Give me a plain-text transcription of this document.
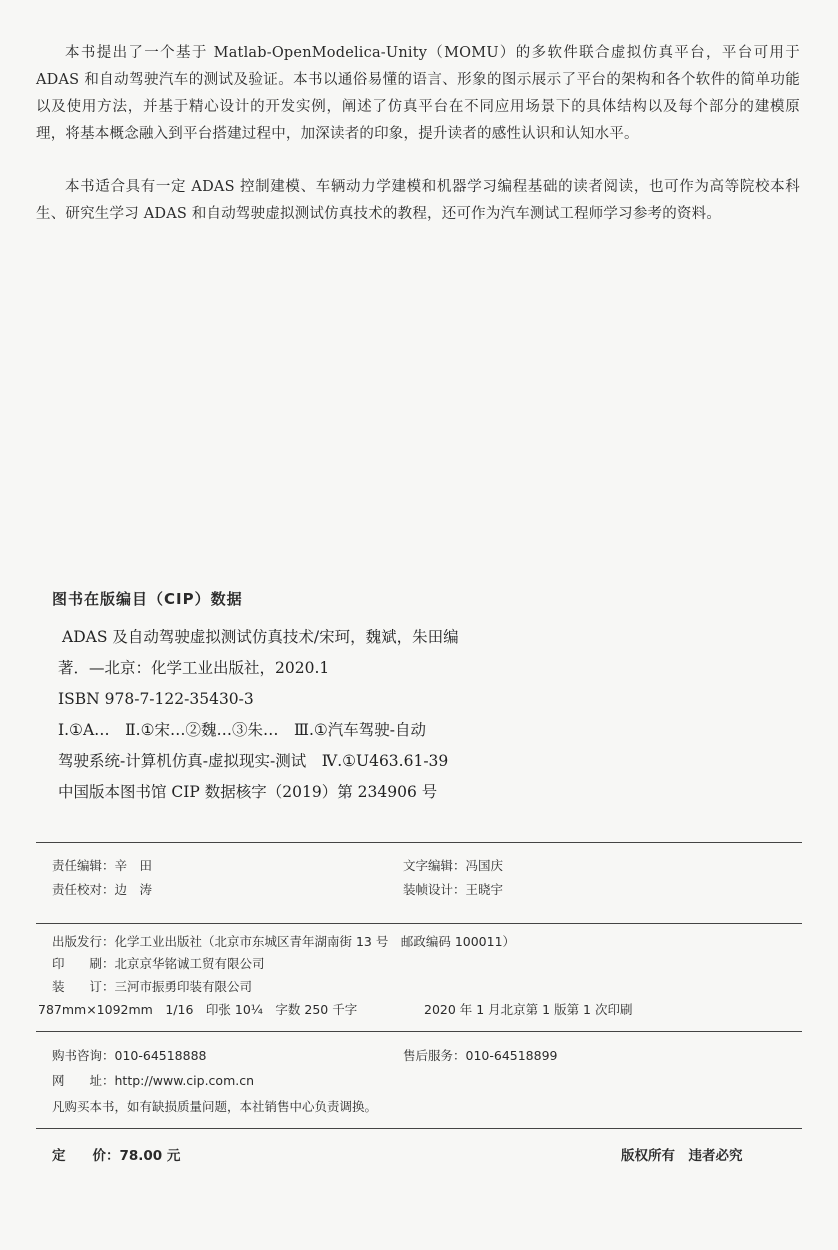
本书提出了一个基于 Matlab-OpenModelica-Unity（MOMU）的多软件联合虚拟仿真平台，平台可用于 ADAS 和自动驾驶汽车的测试及验证。本书以通俗易懂的语言、形象的图示展示了平台的架构和各个软件的简单功能以及使用方法，并基于精心设计的开发实例，阐述了仿真平台在不同应用场景下的具体结构以及每个部分的建模原理，将基本概念融入到平台搭建过程中，加深读者的印象，提升读者的感性认识和认知水平。
本书适合具有一定 ADAS 控制建模、车辆动力学建模和机器学习编程基础的读者阅读，也可作为高等院校本科生、研究生学习 ADAS 和自动驾驶虚拟测试仿真技术的教程，还可作为汽车测试工程师学习参考的资料。
图书在版编目（CIP）数据
ADAS 及自动驾驶虚拟测试仿真技术/宋珂，魏斌，朱田编
著．—北京：化学工业出版社，2020.1
ISBN 978-7-122-35430-3
Ⅰ.①A…　Ⅱ.①宋…②魏…③朱…　Ⅲ.①汽车驾驶-自动
驾驶系统-计算机仿真-虚拟现实-测试　Ⅳ.①U463.61-39
中国版本图书馆 CIP 数据核字（2019）第 234906 号
责任编辑：辛　田	文字编辑：冯国庆
责任校对：边　涛	装帧设计：王晓宇
出版发行：化学工业出版社（北京市东城区青年湖南街 13 号　邮政编码 100011）
印　　刷：北京京华铭诚工贸有限公司
装　　订：三河市振勇印装有限公司
787mm×1092mm　1/16　印张 10¼　字数 250 千字	2020 年 1 月北京第 1 版第 1 次印刷
购书咨询：010-64518888	售后服务：010-64518899
网　　址：http://www.cip.com.cn
凡购买本书，如有缺损质量问题，本社销售中心负责调换。
定　　价：78.00 元	版权所有　违者必究
